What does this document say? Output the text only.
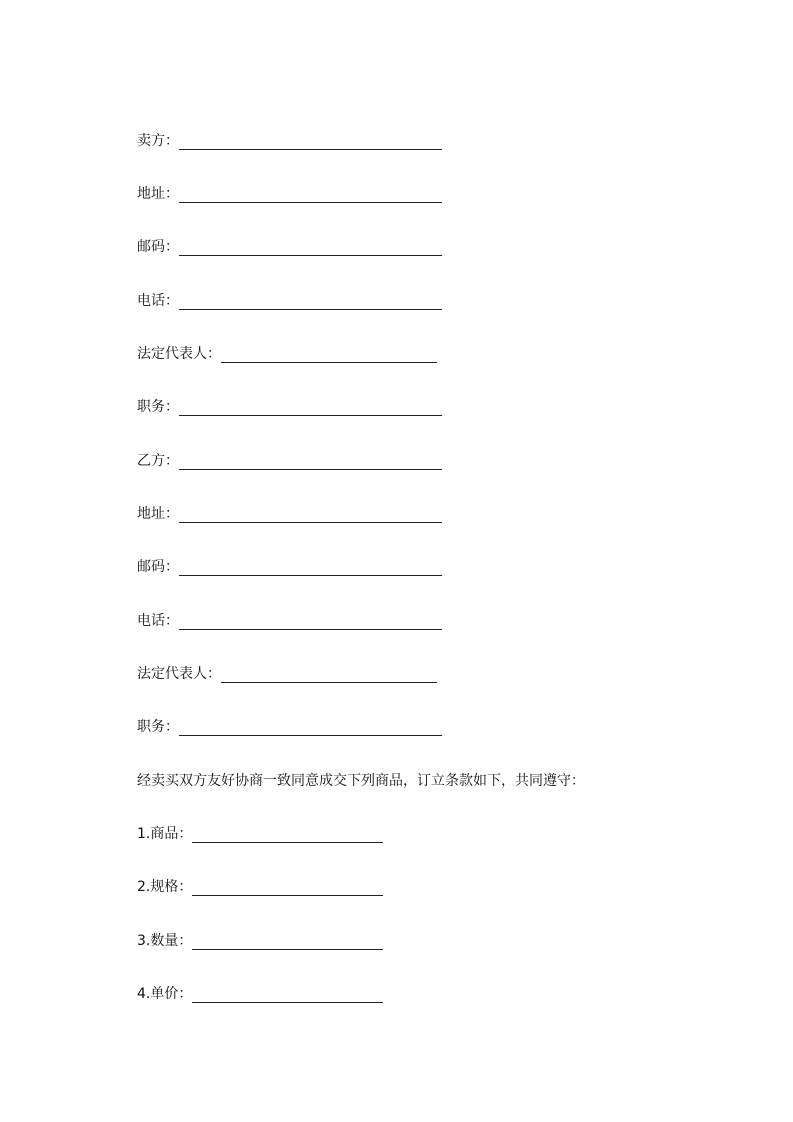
卖方：
地址：
邮码：
电话：
法定代表人：
职务：
乙方：
地址：
邮码：
电话：
法定代表人：
职务：
经卖买双方友好协商一致同意成交下列商品，订立条款如下，共同遵守：
1.商品：
2.规格：
3.数量：
4.单价：
